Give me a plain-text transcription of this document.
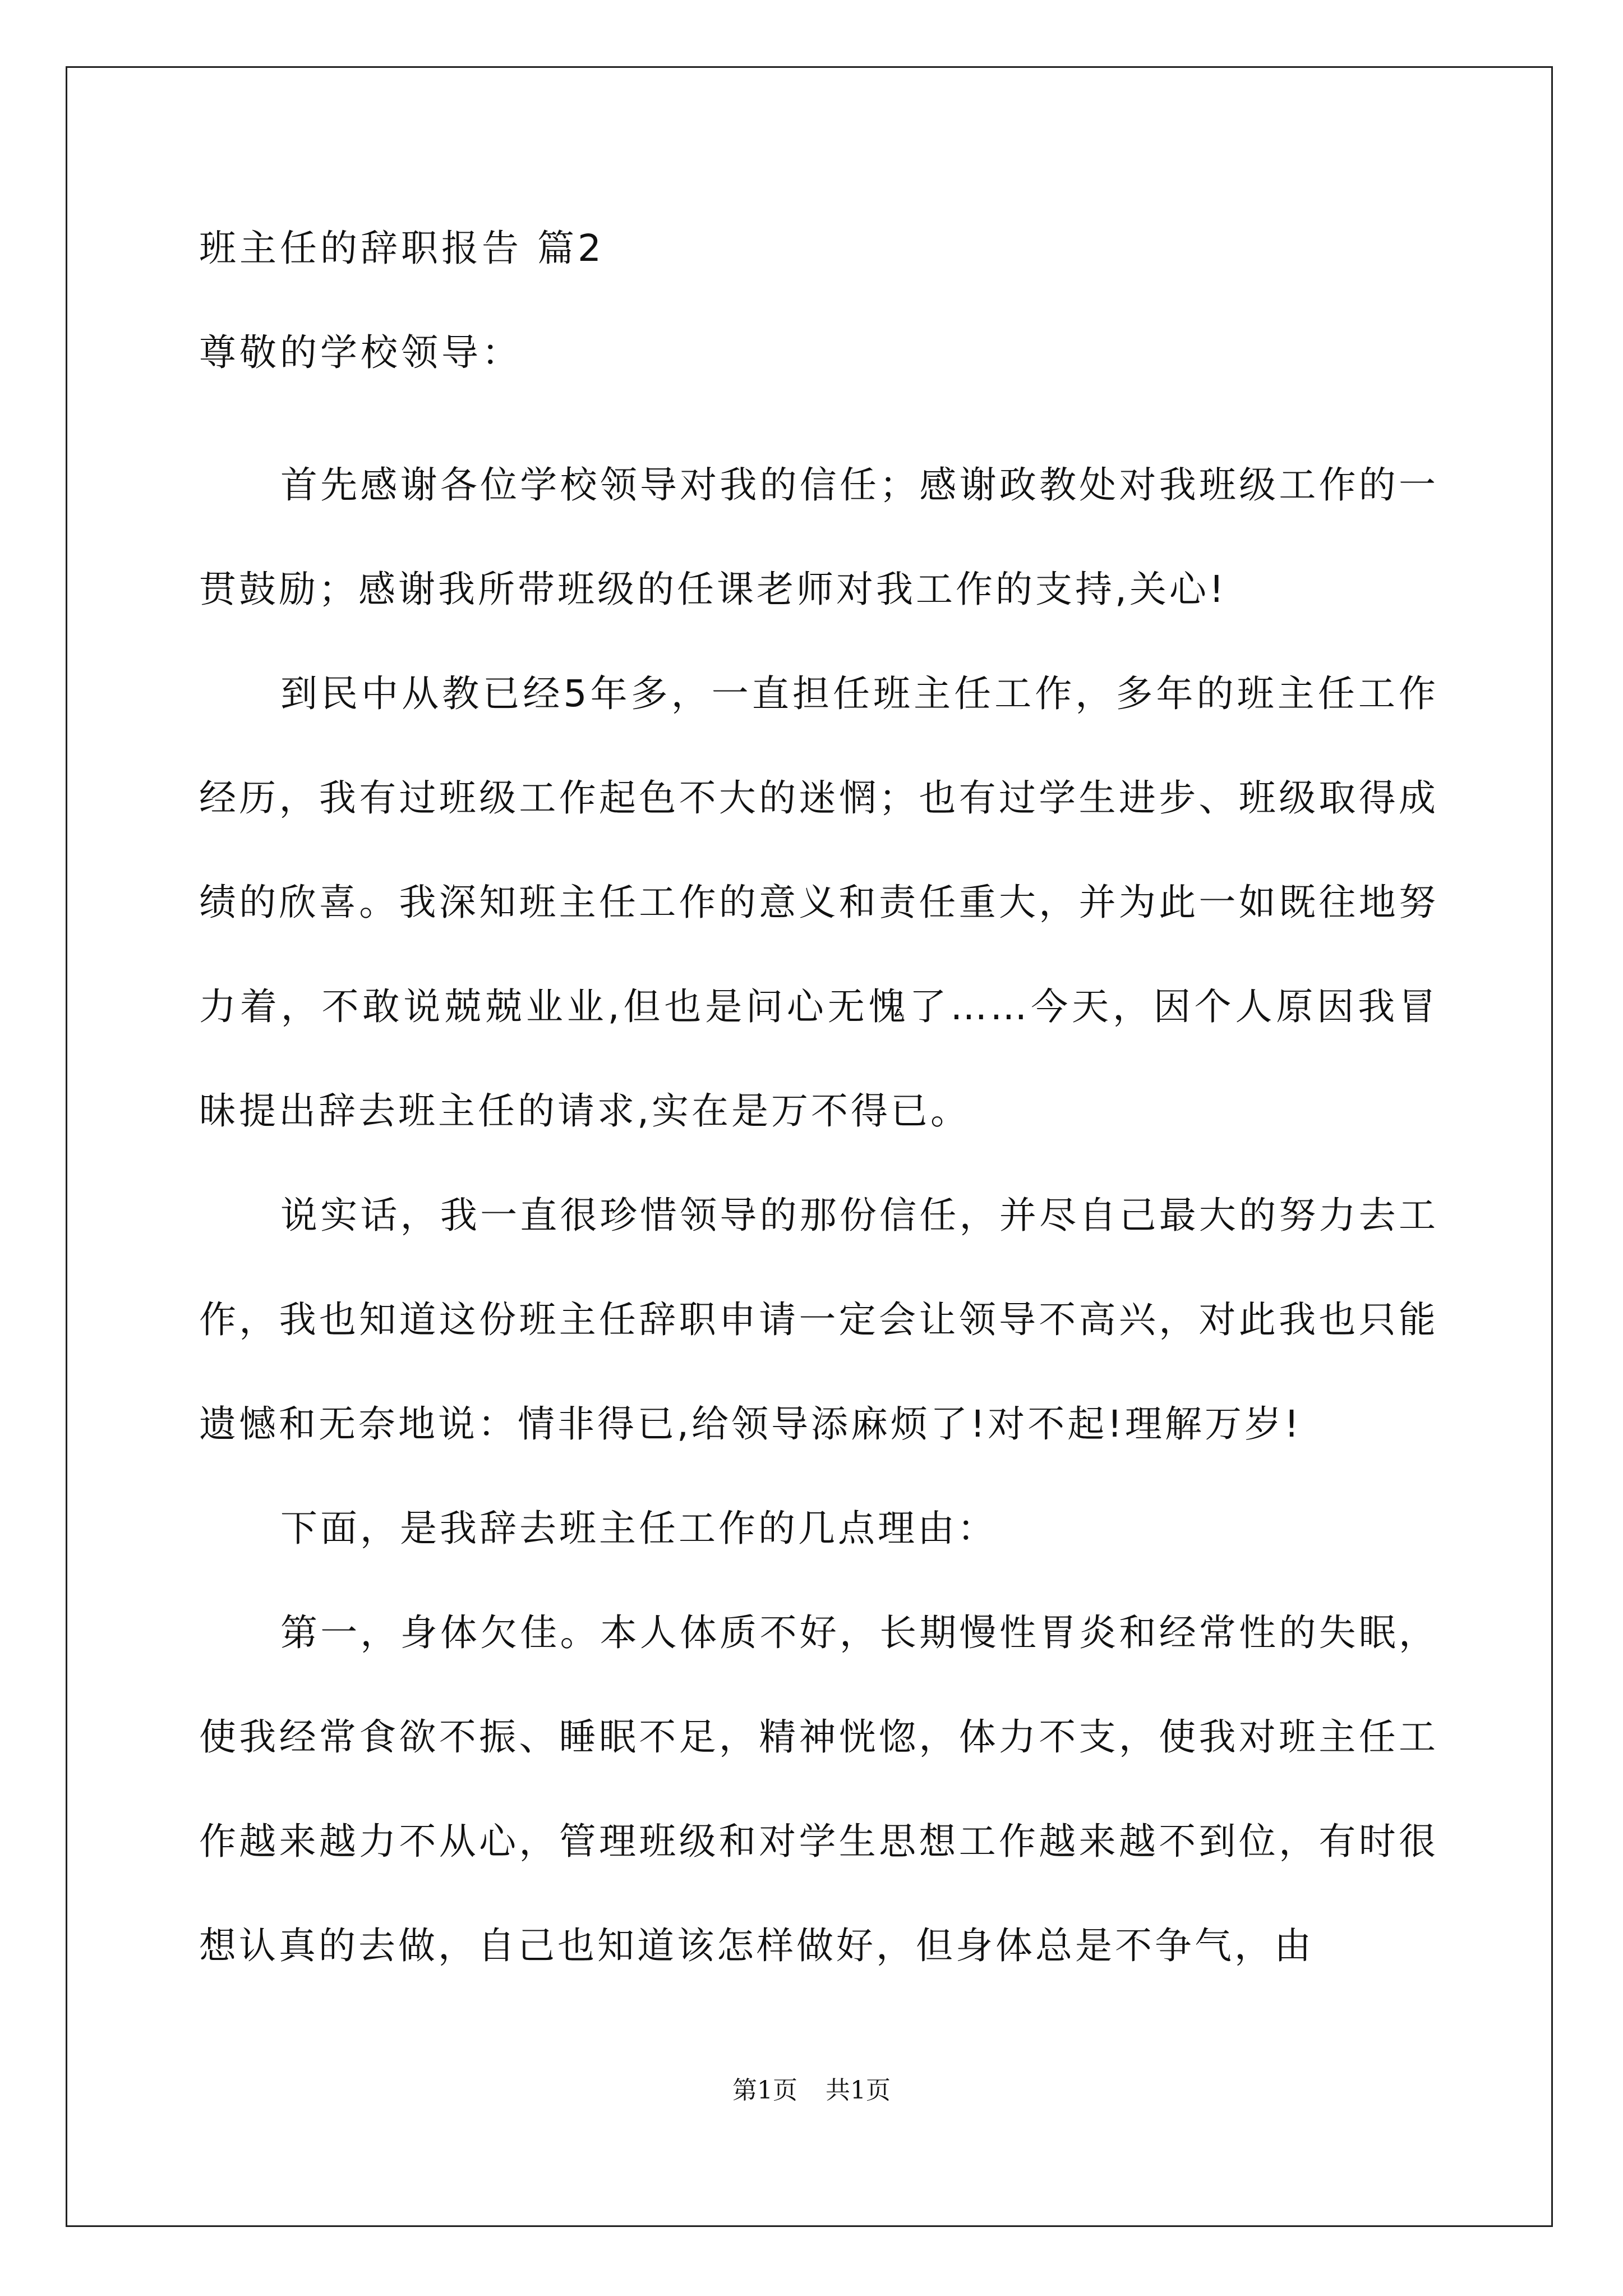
班主任的辞职报告 篇2
尊敬的学校领导：

首先感谢各位学校领导对我的信任；感谢政教处对我班级工作的一贯鼓励；感谢我所带班级的任课老师对我工作的支持,关心!

到民中从教已经5年多，一直担任班主任工作，多年的班主任工作经历，我有过班级工作起色不大的迷惘；也有过学生进步、班级取得成绩的欣喜。我深知班主任工作的意义和责任重大，并为此一如既往地努力着，不敢说兢兢业业,但也是问心无愧了……今天，因个人原因我冒昧提出辞去班主任的请求,实在是万不得已。

说实话，我一直很珍惜领导的那份信任，并尽自己最大的努力去工作，我也知道这份班主任辞职申请一定会让领导不高兴，对此我也只能遗憾和无奈地说：情非得已,给领导添麻烦了!对不起!理解万岁!

下面，是我辞去班主任工作的几点理由：

第一，身体欠佳。本人体质不好，长期慢性胃炎和经常性的失眠，使我经常食欲不振、睡眠不足，精神恍惚，体力不支，使我对班主任工作越来越力不从心，管理班级和对学生思想工作越来越不到位，有时很想认真的去做，自己也知道该怎样做好，但身体总是不争气，由

第1页 共1页
